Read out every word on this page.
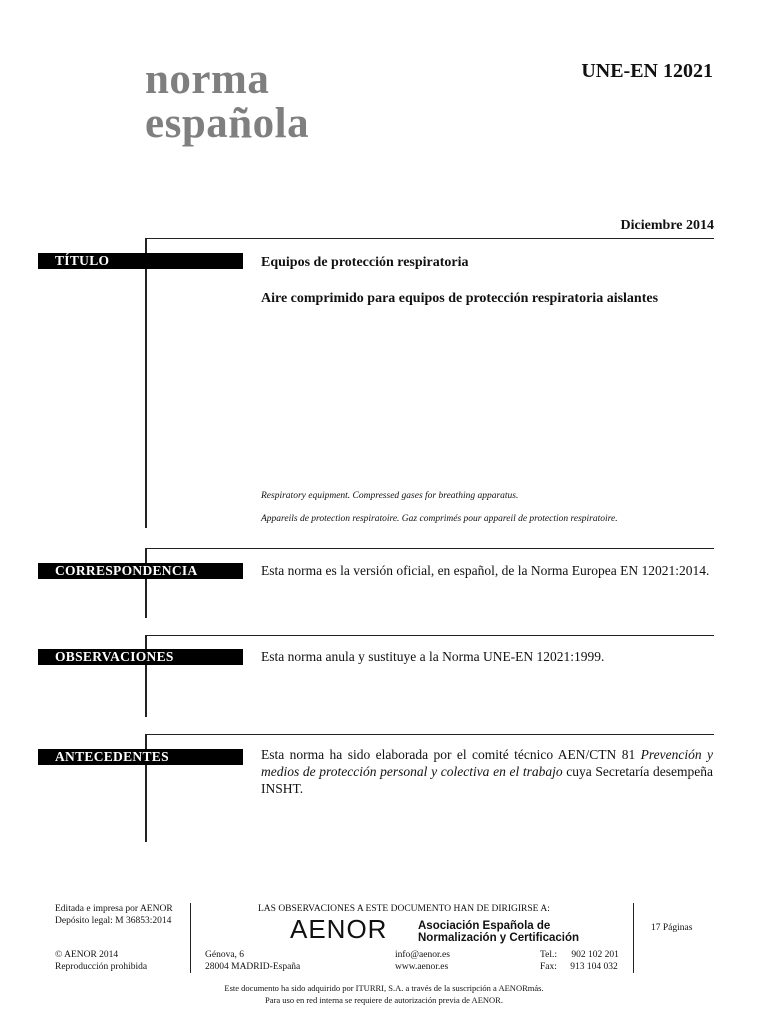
norma
española
UNE-EN 12021
Diciembre 2014
TÍTULO	Equipos de protección respiratoria
Aire comprimido para equipos de protección respiratoria aislantes
Respiratory equipment. Compressed gases for breathing apparatus.
Appareils de protection respiratoire. Gaz comprimés pour appareil de protection respiratoire.
CORRESPONDENCIA	Esta norma es la versión oficial, en español, de la Norma Europea EN 12021:2014.
OBSERVACIONES	Esta norma anula y sustituye a la Norma UNE-EN 12021:1999.
ANTECEDENTES	Esta norma ha sido elaborada por el comité técnico AEN/CTN 81 Prevención y medios de protección personal y colectiva en el trabajo cuya Secretaría desempeña INSHT.
Editada e impresa por AENOR
Depósito legal: M 36853:2014
© AENOR 2014
Reproducción prohibida
LAS OBSERVACIONES A ESTE DOCUMENTO HAN DE DIRIGIRSE A:
AENOR	Asociación Española de
Normalización y Certificación
Génova, 6
28004 MADRID-España
info@aenor.es
www.aenor.es
Tel.: 902 102 201
Fax: 913 104 032
17 Páginas
Este documento ha sido adquirido por ITURRI, S.A. a través de la suscripción a AENORmás.
Para uso en red interna se requiere de autorización previa de AENOR.
